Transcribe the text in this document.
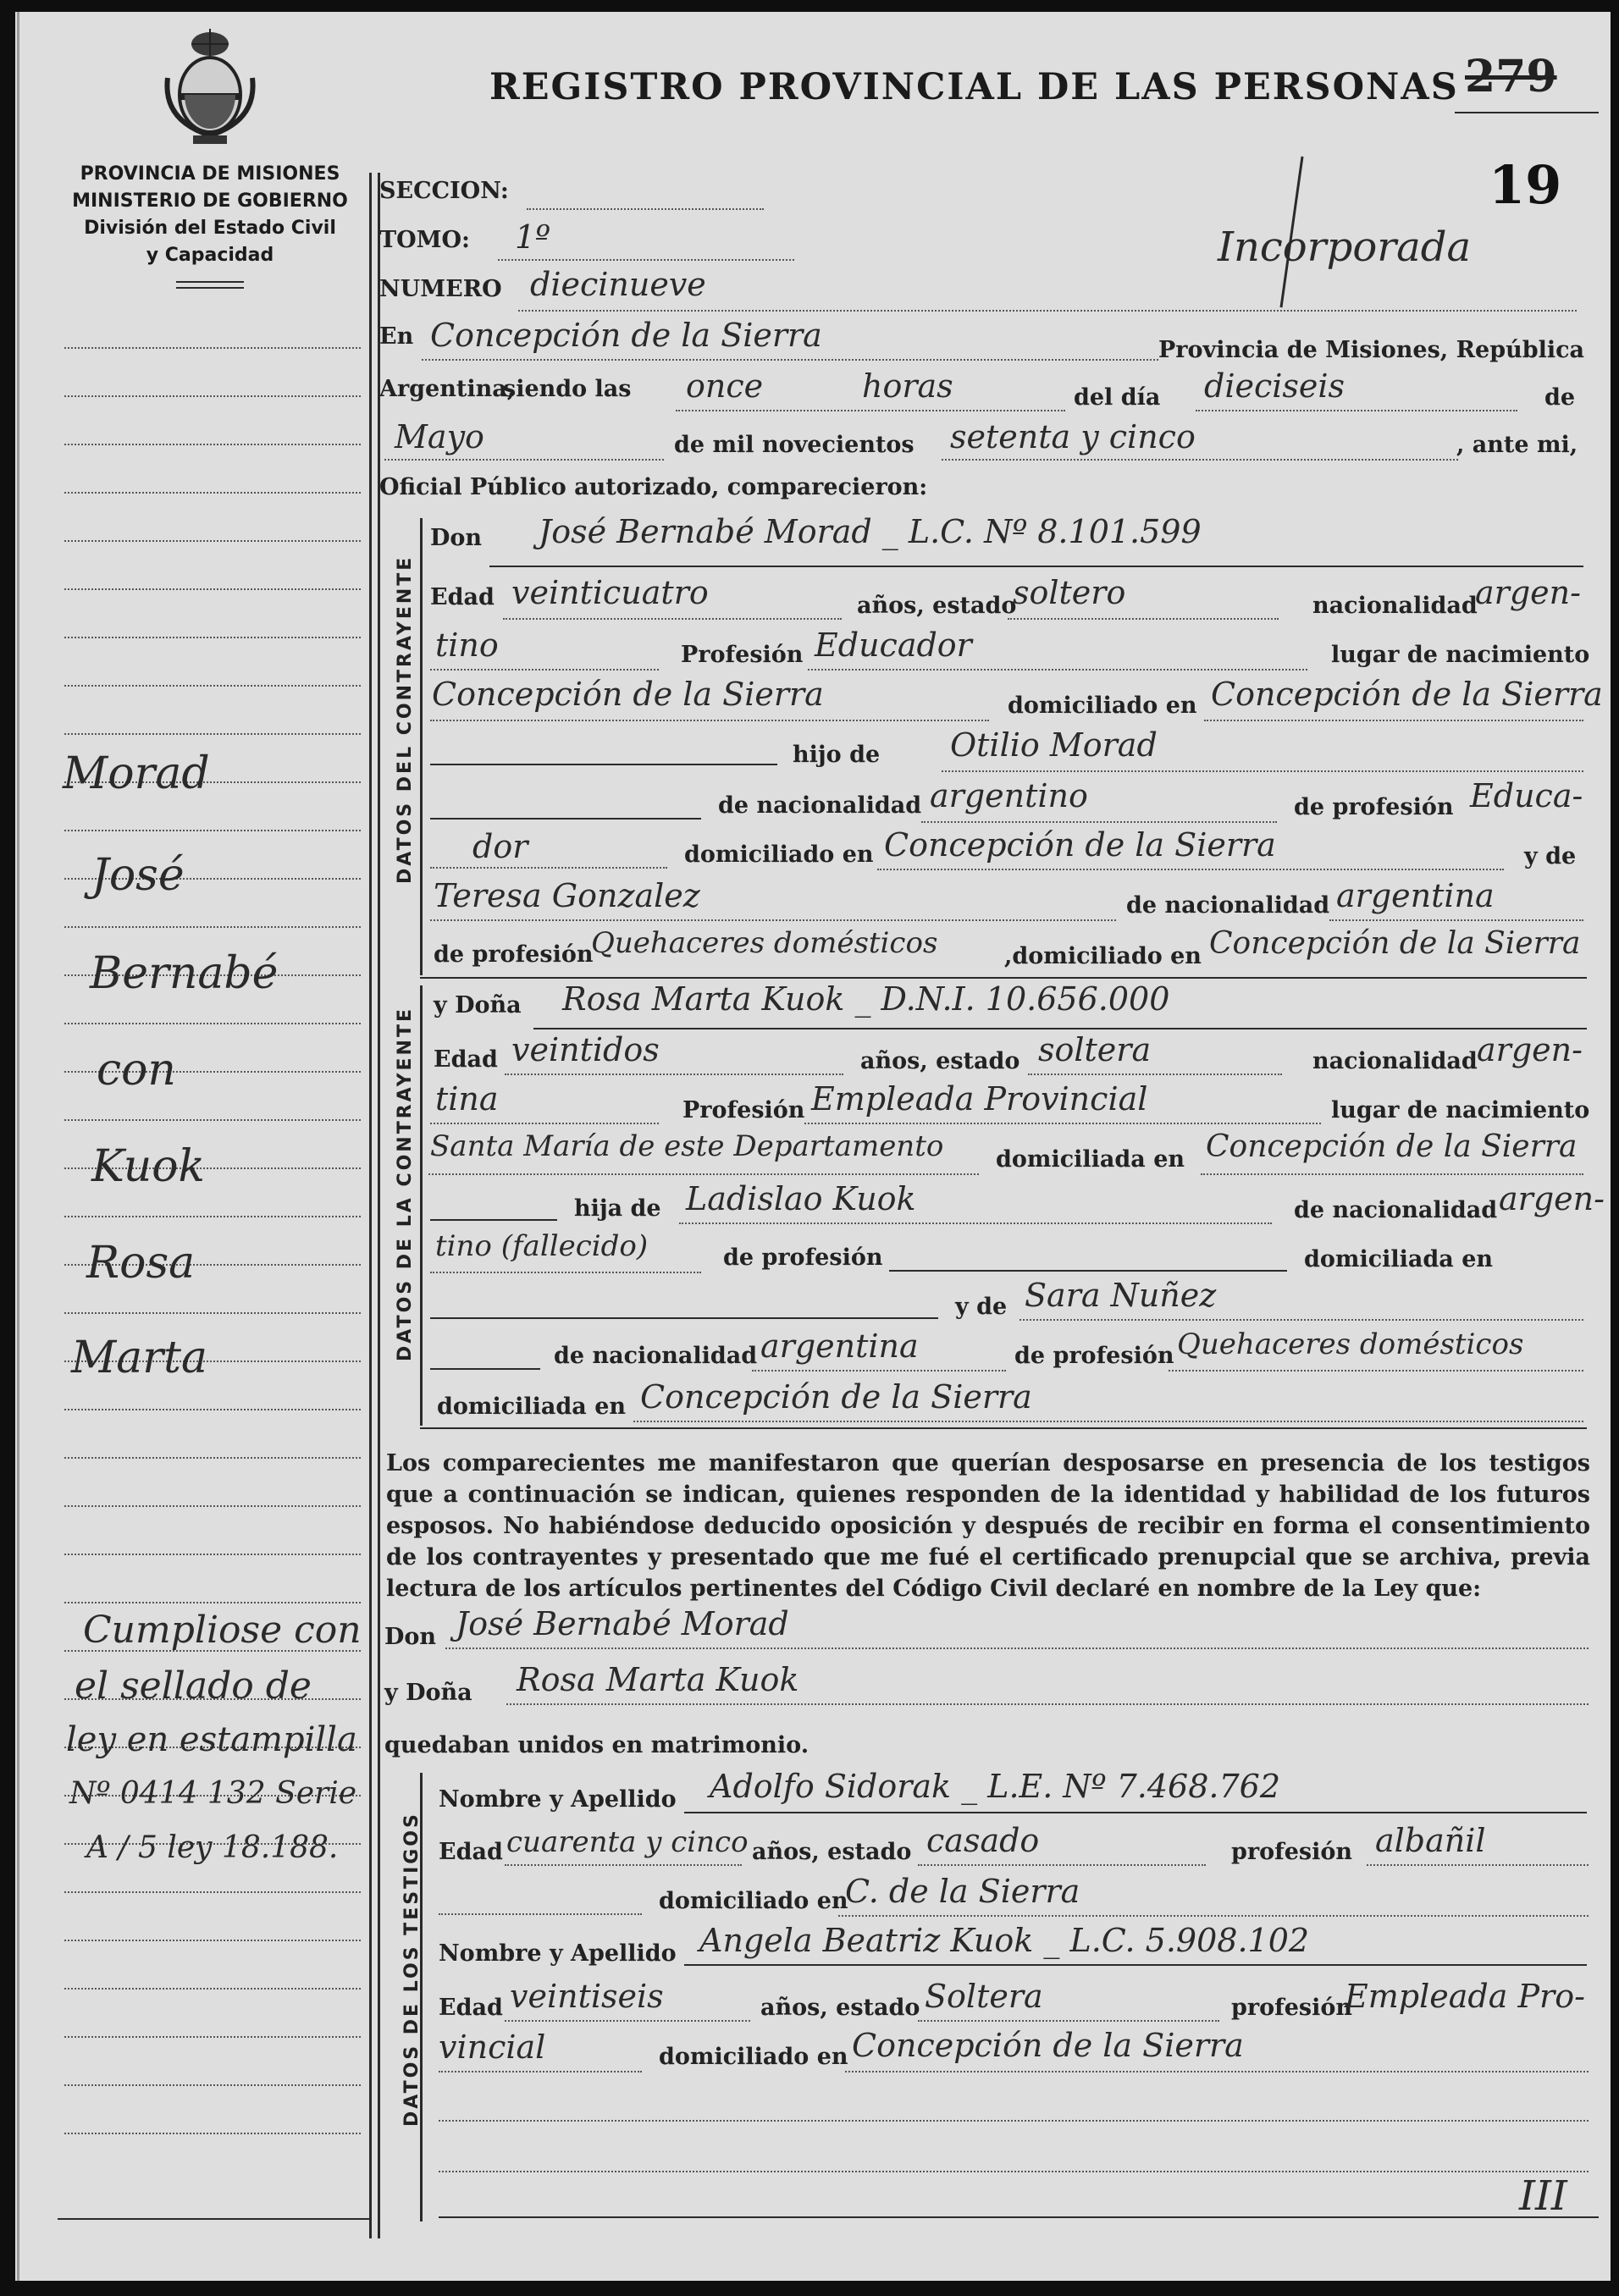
PROVINCIA DE MISIONES
MINISTERIO DE GOBIERNO
División del Estado Civil
y Capacidad
REGISTRO PROVINCIAL DE LAS PERSONAS 279
19
Incorporada
Morad
José
Bernabé
con
Kuok
Rosa
Marta
Cumpliose con
el sellado de
ley en estampilla
Nº 0414 132 Serie
A / 5 ley 18.188.
SECCION:
TOMO: 1º
NUMERO diecinueve
En Concepción de la Sierra	Provincia de Misiones, República
Argentina,
siendo las once	horas	del día dieciseis	de
Mayo	de mil novecientos setenta y cinco	, ante mi,
Oficial Público autorizado, comparecieron:
DATOS DEL CONTRAYENTE
Don José Bernabé Morad _ L.C. Nº 8.101.599
Edad veinticuatro	años, estado
soltero	nacionalidad
argen-
tino	Profesión Educador	lugar de nacimiento
Concepción de la Sierra	domiciliado en Concepción de la Sierra
hijo de Otilio Morad
de nacionalidad argentino	de profesión Educa-
dor	domiciliado en Concepción de la Sierra	y de
Teresa Gonzalez	de nacionalidad argentina
de profesión
Quehaceres domésticos	,domiciliado en Concepción de la Sierra
DATOS DE LA CONTRAYENTE
y Doña Rosa Marta Kuok _ D.N.I. 10.656.000
Edad veintidos	años, estado soltera	nacionalidad argen-
tina	Profesión Empleada Provincial	lugar de nacimiento
Santa María de este Departamento domiciliada en Concepción de la Sierra
hija de Ladislao Kuok	de nacionalidad argen-
tino (fallecido)	de profesión	domiciliada en
y de Sara Nuñez
de nacionalidad argentina	de profesión Quehaceres domésticos
domiciliada en Concepción de la Sierra
Los comparecientes me manifestaron que querían desposarse en presencia de los testigos que a continuación se indican, quienes responden de la identidad y habilidad de los futuros esposos. No habiéndose deducido oposición y después de recibir en forma el consentimiento de los contrayentes y presentado que me fué el certificado prenupcial que se archiva, previa lectura de los artículos pertinentes del Código Civil declaré en nombre de la Ley que:
Don José Bernabé Morad
y Doña Rosa Marta Kuok
quedaban unidos en matrimonio.
DATOS DE LOS TESTIGOS
Nombre y Apellido Adolfo Sidorak _ L.E. Nº 7.468.762
Edad cuarenta y cinco años, estado casado	profesión albañil
domiciliado en
C. de la Sierra
Nombre y Apellido Angela Beatriz Kuok _ L.C. 5.908.102
Edad veintiseis	años, estado Soltera	profesión
Empleada Pro-
vincial	domiciliado en Concepción de la Sierra
III
